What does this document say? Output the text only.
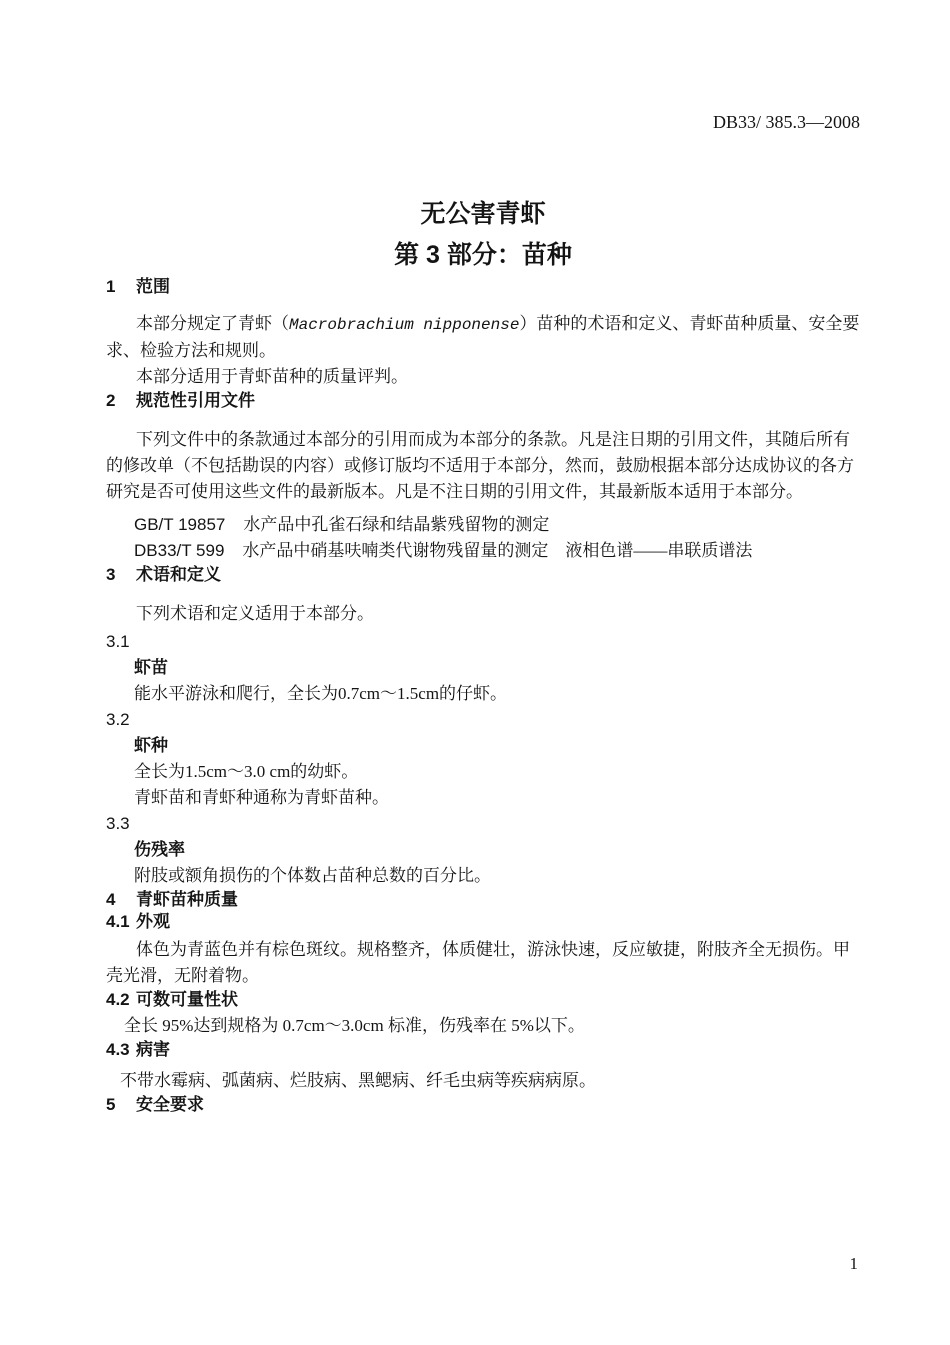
DB33/ 385.3—2008
无公害青虾
第 3 部分：苗种
1 范围

本部分规定了青虾（Macrobrachium nipponense）苗种的术语和定义、青虾苗种质量、安全要求、检验方法和规则。

本部分适用于青虾苗种的质量评判。

2 规范性引用文件

下列文件中的条款通过本部分的引用而成为本部分的条款。凡是注日期的引用文件，其随后所有的修改单（不包括勘误的内容）或修订版均不适用于本部分，然而，鼓励根据本部分达成协议的各方研究是否可使用这些文件的最新版本。凡是不注日期的引用文件，其最新版本适用于本部分。

GB/T 19857 水产品中孔雀石绿和结晶紫残留物的测定

DB33/T 599 水产品中硝基呋喃类代谢物残留量的测定　液相色谱——串联质谱法

3 术语和定义

下列术语和定义适用于本部分。

3.1

虾苗

能水平游泳和爬行，全长为0.7cm～1.5cm的仔虾。

3.2

虾种

全长为1.5cm～3.0 cm的幼虾。

青虾苗和青虾种通称为青虾苗种。

3.3

伤残率

附肢或额角损伤的个体数占苗种总数的百分比。

4 青虾苗种质量
4.1 外观

体色为青蓝色并有棕色斑纹。规格整齐，体质健壮，游泳快速，反应敏捷，附肢齐全无损伤。甲壳光滑，无附着物。

4.2 可数可量性状

全长 95%达到规格为 0.7cm～3.0cm 标准，伤残率在 5%以下。

4.3 病害

不带水霉病、弧菌病、烂肢病、黑鳃病、纤毛虫病等疾病病原。

5 安全要求
1
